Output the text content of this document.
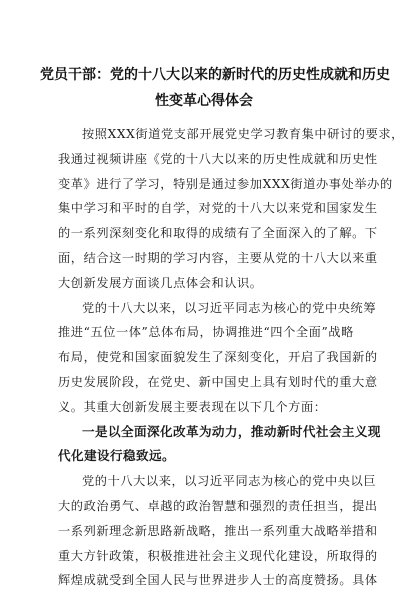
党员干部：党的十八大以来的新时代的历史性成就和历史
性变革心得体会
按照XXX街道党支部开展党史学习教育集中研讨的要求，
我通过视频讲座《党的十八大以来的历史性成就和历史性
变革》进行了学习，特别是通过参加XXX街道办事处举办的
集中学习和平时的自学，对党的十八大以来党和国家发生
的一系列深刻变化和取得的成绩有了全面深入的了解。下
面，结合这一时期的学习内容，主要从党的十八大以来重
大创新发展方面谈几点体会和认识。
党的十八大以来，以习近平同志为核心的党中央统筹
推进“五位一体”总体布局，协调推进“四个全面”战略
布局，使党和国家面貌发生了深刻变化，开启了我国新的
历史发展阶段，在党史、新中国史上具有划时代的重大意
义。其重大创新发展主要表现在以下几个方面：
一是以全面深化改革为动力，推动新时代社会主义现
代化建设行稳致远。
党的十八大以来，以习近平同志为核心的党中央以巨
大的政治勇气、卓越的政治智慧和强烈的责任担当，提出
一系列新理念新思路新战略，推出一系列重大战略举措和
重大方针政策，积极推进社会主义现代化建设，所取得的
辉煌成就受到全国人民与世界进步人士的高度赞扬。具体
